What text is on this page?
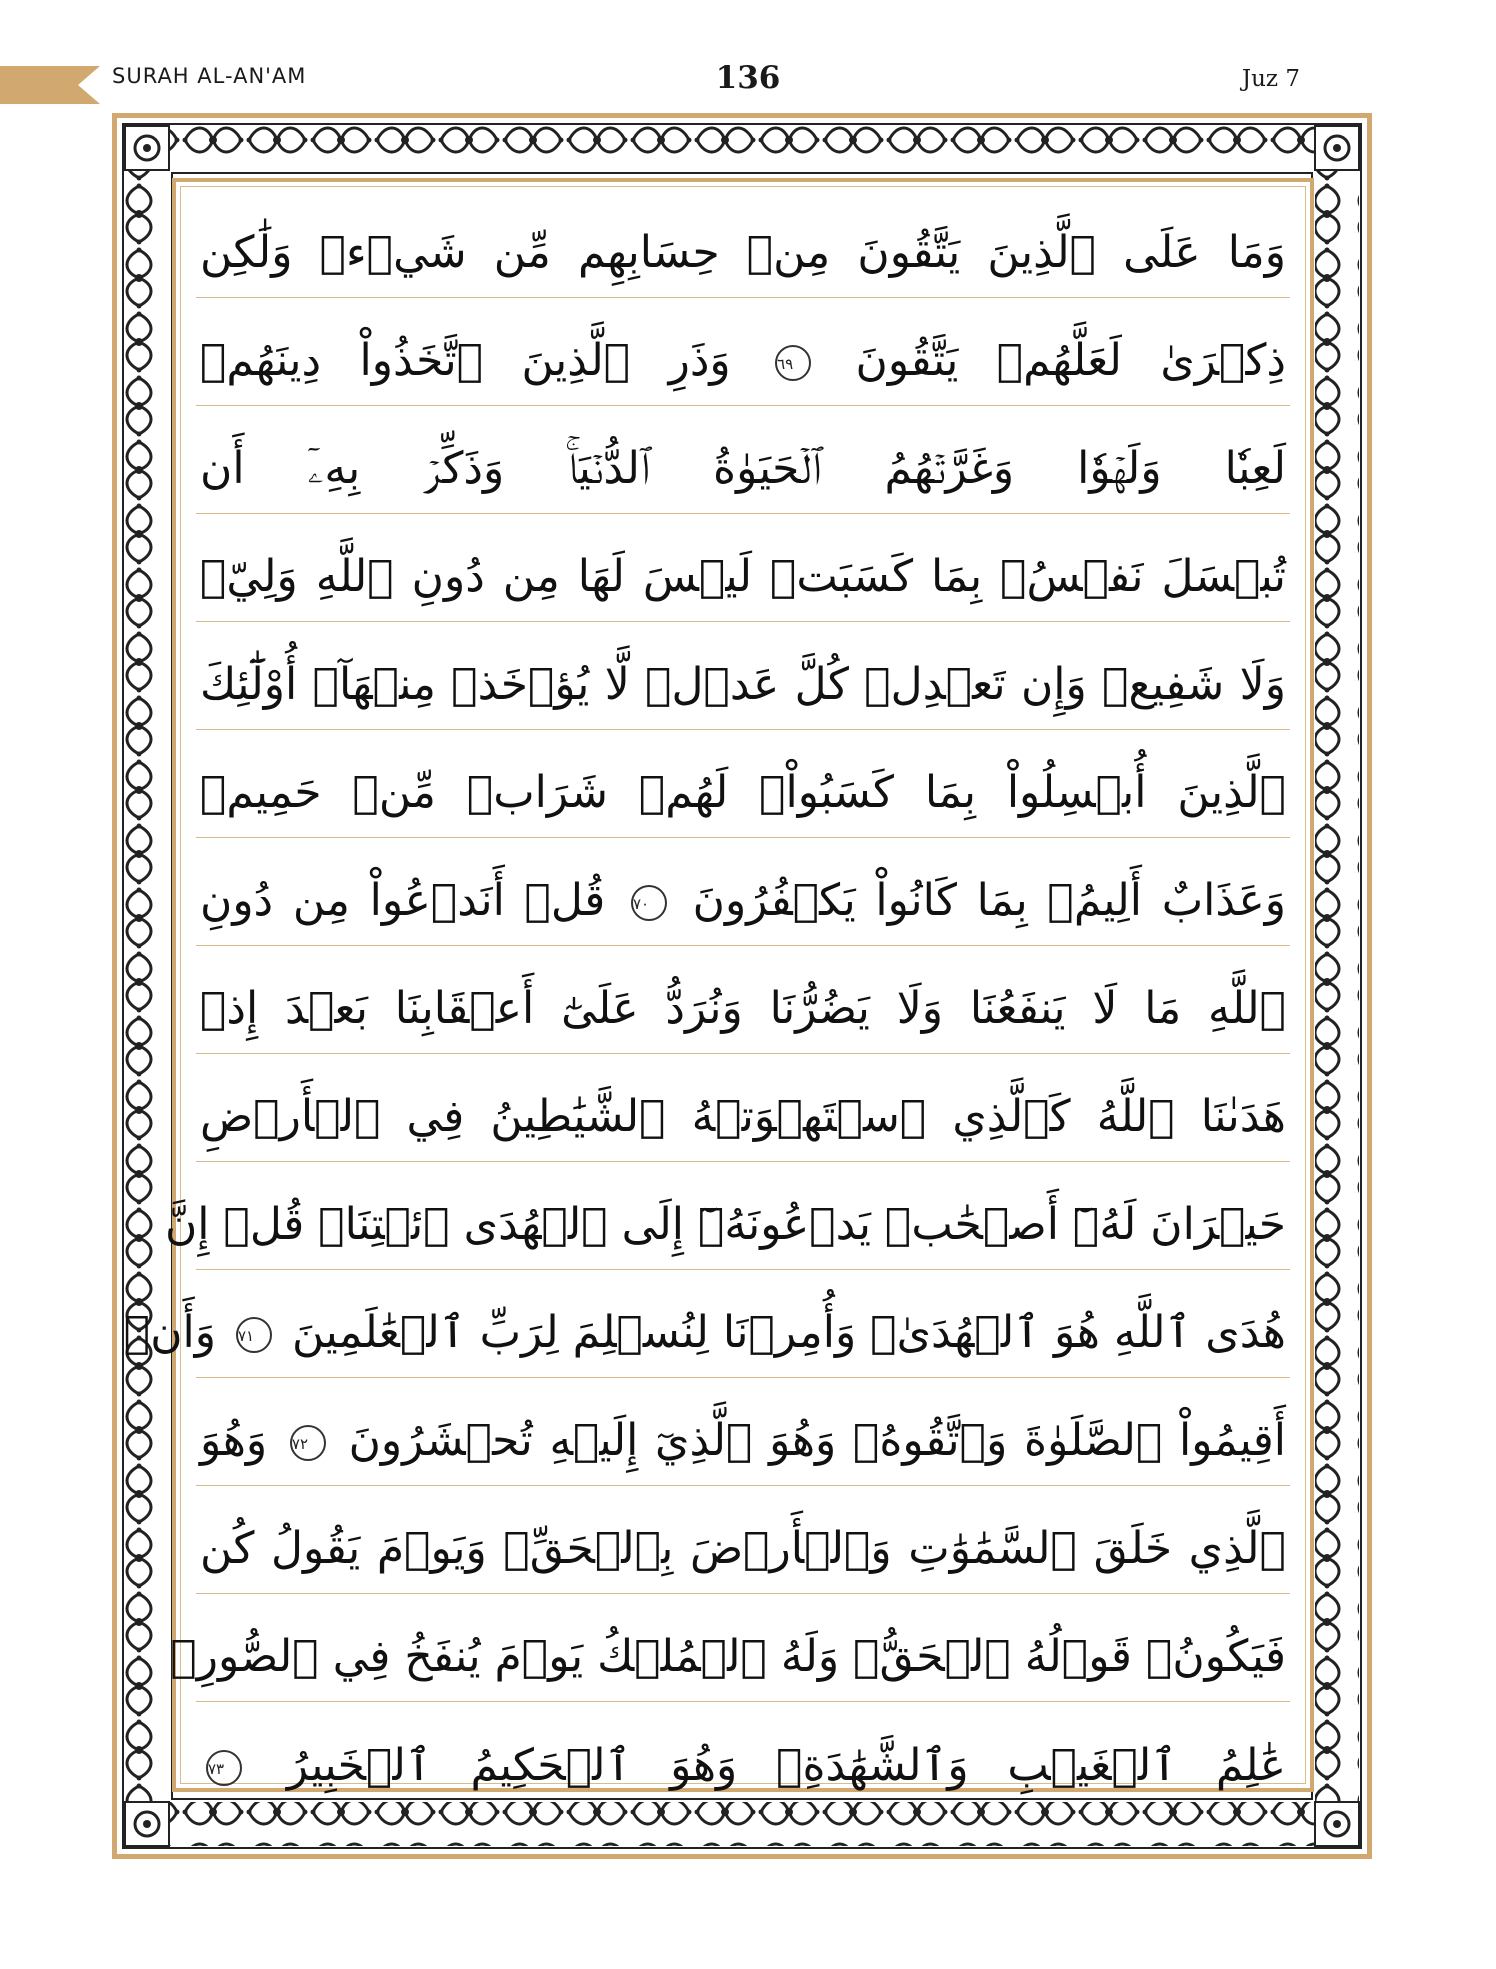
SURAH AL-AN'AM	136	Juz 7
وَمَا عَلَى ٱلَّذِينَ يَتَّقُونَ مِنۡ حِسَابِهِم مِّن شَيۡءٖ وَلَٰكِن
ذِكۡرَىٰ لَعَلَّهُمۡ يَتَّقُونَ ٦٩ وَذَرِ ٱلَّذِينَ ٱتَّخَذُواْ دِينَهُمۡ
لَعِبٗا وَلَهۡوٗا وَغَرَّتۡهُمُ ٱلۡحَيَوٰةُ ٱلدُّنۡيَاۚ وَذَكِّرۡ بِهِۦٓ أَن
تُبۡسَلَ نَفۡسُۢ بِمَا كَسَبَتۡ لَيۡسَ لَهَا مِن دُونِ ٱللَّهِ وَلِيّٞ
وَلَا شَفِيعٞ وَإِن تَعۡدِلۡ كُلَّ عَدۡلٖ لَّا يُؤۡخَذۡ مِنۡهَآۗ أُوْلَٰٓئِكَ
ٱلَّذِينَ أُبۡسِلُواْ بِمَا كَسَبُواْۖ لَهُمۡ شَرَابٞ مِّنۡ حَمِيمٖ
وَعَذَابٌ أَلِيمُۢ بِمَا كَانُواْ يَكۡفُرُونَ ٧٠ قُلۡ أَنَدۡعُواْ مِن دُونِ
ٱللَّهِ مَا لَا يَنفَعُنَا وَلَا يَضُرُّنَا وَنُرَدُّ عَلَىٰٓ أَعۡقَابِنَا بَعۡدَ إِذۡ
هَدَىٰنَا ٱللَّهُ كَٱلَّذِي ٱسۡتَهۡوَتۡهُ ٱلشَّيَٰطِينُ فِي ٱلۡأَرۡضِ
حَيۡرَانَ لَهُۥٓ أَصۡحَٰبٞ يَدۡعُونَهُۥٓ إِلَى ٱلۡهُدَى ٱئۡتِنَاۗ قُلۡ إِنَّ
هُدَى ٱللَّهِ هُوَ ٱلۡهُدَىٰۖ وَأُمِرۡنَا لِنُسۡلِمَ لِرَبِّ ٱلۡعَٰلَمِينَ ٧١ وَأَنۡ
أَقِيمُواْ ٱلصَّلَوٰةَ وَٱتَّقُوهُۚ وَهُوَ ٱلَّذِيٓ إِلَيۡهِ تُحۡشَرُونَ ٧٢ وَهُوَ
ٱلَّذِي خَلَقَ ٱلسَّمَٰوَٰتِ وَٱلۡأَرۡضَ بِٱلۡحَقِّۖ وَيَوۡمَ يَقُولُ كُن
فَيَكُونُۚ قَوۡلُهُ ٱلۡحَقُّۚ وَلَهُ ٱلۡمُلۡكُ يَوۡمَ يُنفَخُ فِي ٱلصُّورِۚ
عَٰلِمُ ٱلۡغَيۡبِ وَٱلشَّهَٰدَةِۚ وَهُوَ ٱلۡحَكِيمُ ٱلۡخَبِيرُ ٧٣
